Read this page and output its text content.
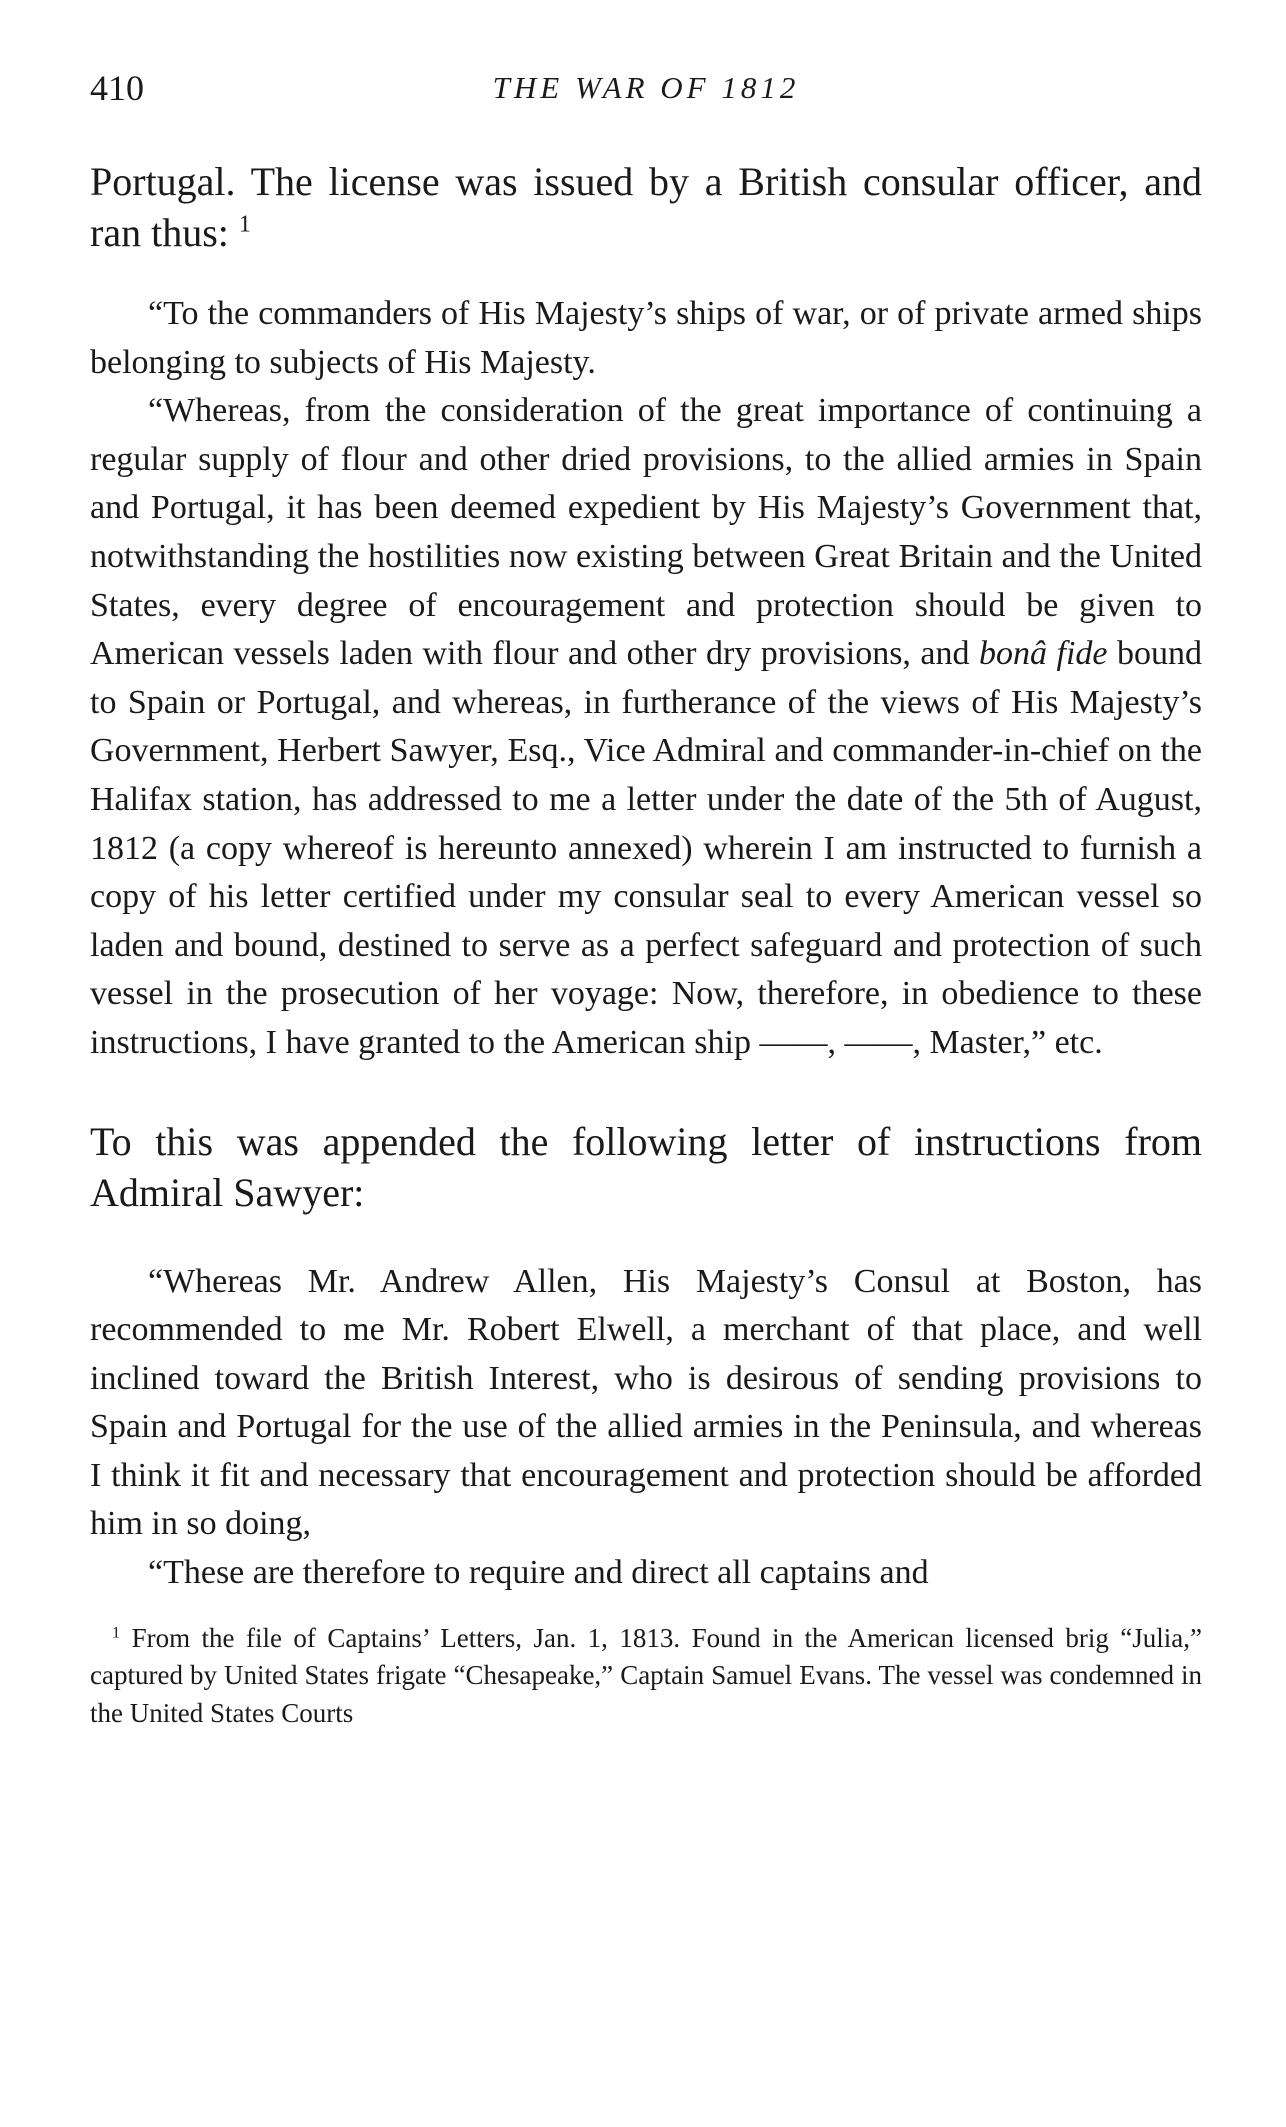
410	THE WAR OF 1812

Portugal. The license was issued by a British consular officer, and ran thus: $^1$

“To the commanders of His Majesty’s ships of war, or of private armed ships belonging to subjects of His Majesty.

“Whereas, from the consideration of the great importance of continuing a regular supply of flour and other dried provisions, to the allied armies in Spain and Portugal, it has been deemed expedient by His Majesty’s Government that, notwithstanding the hostilities now existing between Great Britain and the United States, every degree of encouragement and protection should be given to American vessels laden with flour and other dry provisions, and bonâ fide bound to Spain or Portugal, and whereas, in furtherance of the views of His Majesty’s Government, Herbert Sawyer, Esq., Vice Admiral and commander-in-chief on the Halifax station, has addressed to me a letter under the date of the 5th of August, 1812 (a copy whereof is hereunto annexed) wherein I am instructed to furnish a copy of his letter certified under my consular seal to every American vessel so laden and bound, destined to serve as a perfect safeguard and protection of such vessel in the prosecution of her voyage: Now, therefore, in obedience to these instructions, I have granted to the American ship ——, ——, Master,” etc.

To this was appended the following letter of instructions from Admiral Sawyer:

“Whereas Mr. Andrew Allen, His Majesty’s Consul at Boston, has recommended to me Mr. Robert Elwell, a merchant of that place, and well inclined toward the British Interest, who is desirous of sending provisions to Spain and Portugal for the use of the allied armies in the Peninsula, and whereas I think it fit and necessary that encouragement and protection should be afforded him in so doing,

“These are therefore to require and direct all captains and

$^1$ From the file of Captains’ Letters, Jan. 1, 1813. Found in the American licensed brig “Julia,” captured by United States frigate “Chesapeake,” Captain Samuel Evans. The vessel was condemned in the United States Courts
